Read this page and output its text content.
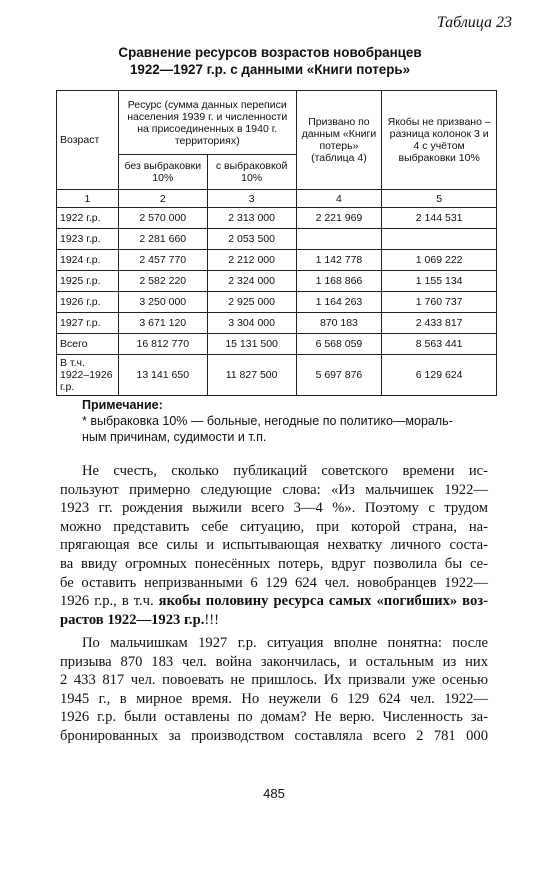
Таблица 23
Сравнение ресурсов возрастов новобранцев
1922—1927 г.р. с данными «Книги потерь»
Возраст	Ресурс (сумма данных переписи населения 1939 г. и численности на присоединенных в 1940 г. территориях)		Призвано по данным «Книги потерь» (таблица 4)	Якобы не призвано – разница колонок 3 и 4 с учётом выбраковки 10%
	без выбраковки 10%	с выбраковкой 10%		
1	2	3	4	5
1922 г.р.	2 570 000	2 313 000	2 221 969	2 144 531
1923 г.р.	2 281 660	2 053 500		
1924 г.р.	2 457 770	2 212 000	1 142 778	1 069 222
1925 г.р.	2 582 220	2 324 000	1 168 866	1 155 134
1926 г.р.	3 250 000	2 925 000	1 164 263	1 760 737
1927 г.р.	3 671 120	3 304 000	870 183	2 433 817
Всего	16 812 770	15 131 500	6 568 059	8 563 441

В т.ч.
1922–1926 г.р.	13 141 650	11 827 500	5 697 876	6 129 624
Примечание:
* выбраковка 10% — больные, негодные по политико—мораль-
ным причинам, судимости и т.п.
Не счесть, сколько публикаций советского времени ис-
пользуют примерно следующие слова: «Из мальчишек 1922—
1923 гг. рождения выжили всего 3—4 %». Поэтому с трудом
можно представить себе ситуацию, при которой страна, на-
прягающая все силы и испытывающая нехватку личного соста-
ва ввиду огромных понесённых потерь, вдруг позволила бы се-
бе оставить непризванными 6 129 624 чел. новобранцев 1922—
1926 г.р., в т.ч. якобы половину ресурса самых «погибших» воз-
растов 1922—1923 г.р.!!!
По мальчишкам 1927 г.р. ситуация вполне понятна: после
призыва 870 183 чел. война закончилась, и остальным из них
2 433 817 чел. повоевать не пришлось. Их призвали уже осенью
1945 г., в мирное время. Но неужели 6 129 624 чел. 1922—
1926 г.р. были оставлены по домам? Не верю. Численность за-
бронированных за производством составляла всего 2 781 000
485
